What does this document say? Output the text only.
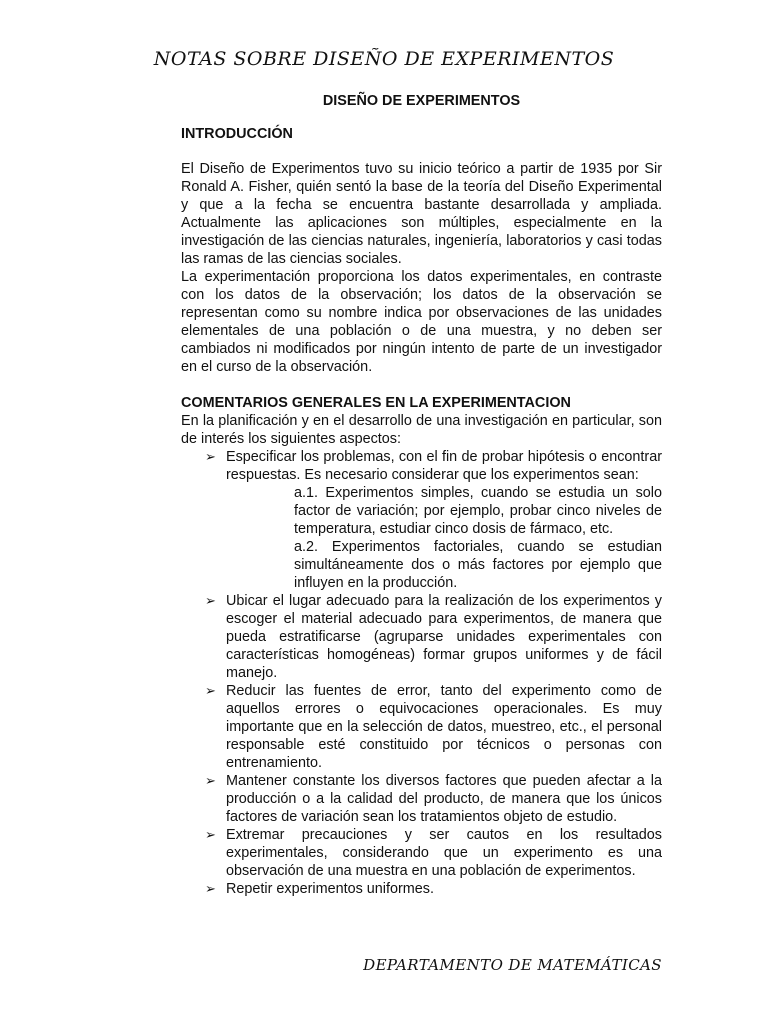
NOTAS SOBRE DISEÑO DE EXPERIMENTOS

DISEÑO DE EXPERIMENTOS

INTRODUCCIÓN

El Diseño de Experimentos tuvo su inicio teórico a partir de 1935 por Sir Ronald A. Fisher, quién sentó la base de la teoría del Diseño Experimental y que a la fecha se encuentra bastante desarrollada y ampliada. Actualmente las aplicaciones son múltiples, especialmente en la investigación de las ciencias naturales, ingeniería, laboratorios y casi todas las ramas de las ciencias sociales.

La experimentación proporciona los datos experimentales, en contraste con los datos de la observación; los datos de la observación se representan como su nombre indica por observaciones de las unidades elementales de una población o de una muestra, y no deben ser cambiados ni modificados por ningún intento de parte de un investigador en el curso de la observación.

COMENTARIOS GENERALES EN LA EXPERIMENTACION

En la planificación y en el desarrollo de una investigación en particular, son de interés los siguientes aspectos:

➢ Especificar los problemas, con el fin de probar hipótesis o encontrar respuestas. Es necesario considerar que los experimentos sean:

a.1. Experimentos simples, cuando se estudia un solo factor de variación; por ejemplo, probar cinco niveles de temperatura, estudiar cinco dosis de fármaco, etc.

a.2. Experimentos factoriales, cuando se estudian simultáneamente dos o más factores por ejemplo que influyen en la producción.

➢ Ubicar el lugar adecuado para la realización de los experimentos y escoger el material adecuado para experimentos, de manera que pueda estratificarse (agruparse unidades experimentales con características homogéneas) formar grupos uniformes y de fácil manejo.
➢ Reducir las fuentes de error, tanto del experimento como de aquellos errores o equivocaciones operacionales. Es muy importante que en la selección de datos, muestreo, etc., el personal responsable esté constituido por técnicos o personas con entrenamiento.
➢ Mantener constante los diversos factores que pueden afectar a la producción o a la calidad del producto, de manera que los únicos factores de variación sean los tratamientos objeto de estudio.
➢ Extremar precauciones y ser cautos en los resultados experimentales, considerando que un experimento es una observación de una muestra en una población de experimentos.
➢ Repetir experimentos uniformes.
DEPARTAMENTO DE MATEMÁTICAS
